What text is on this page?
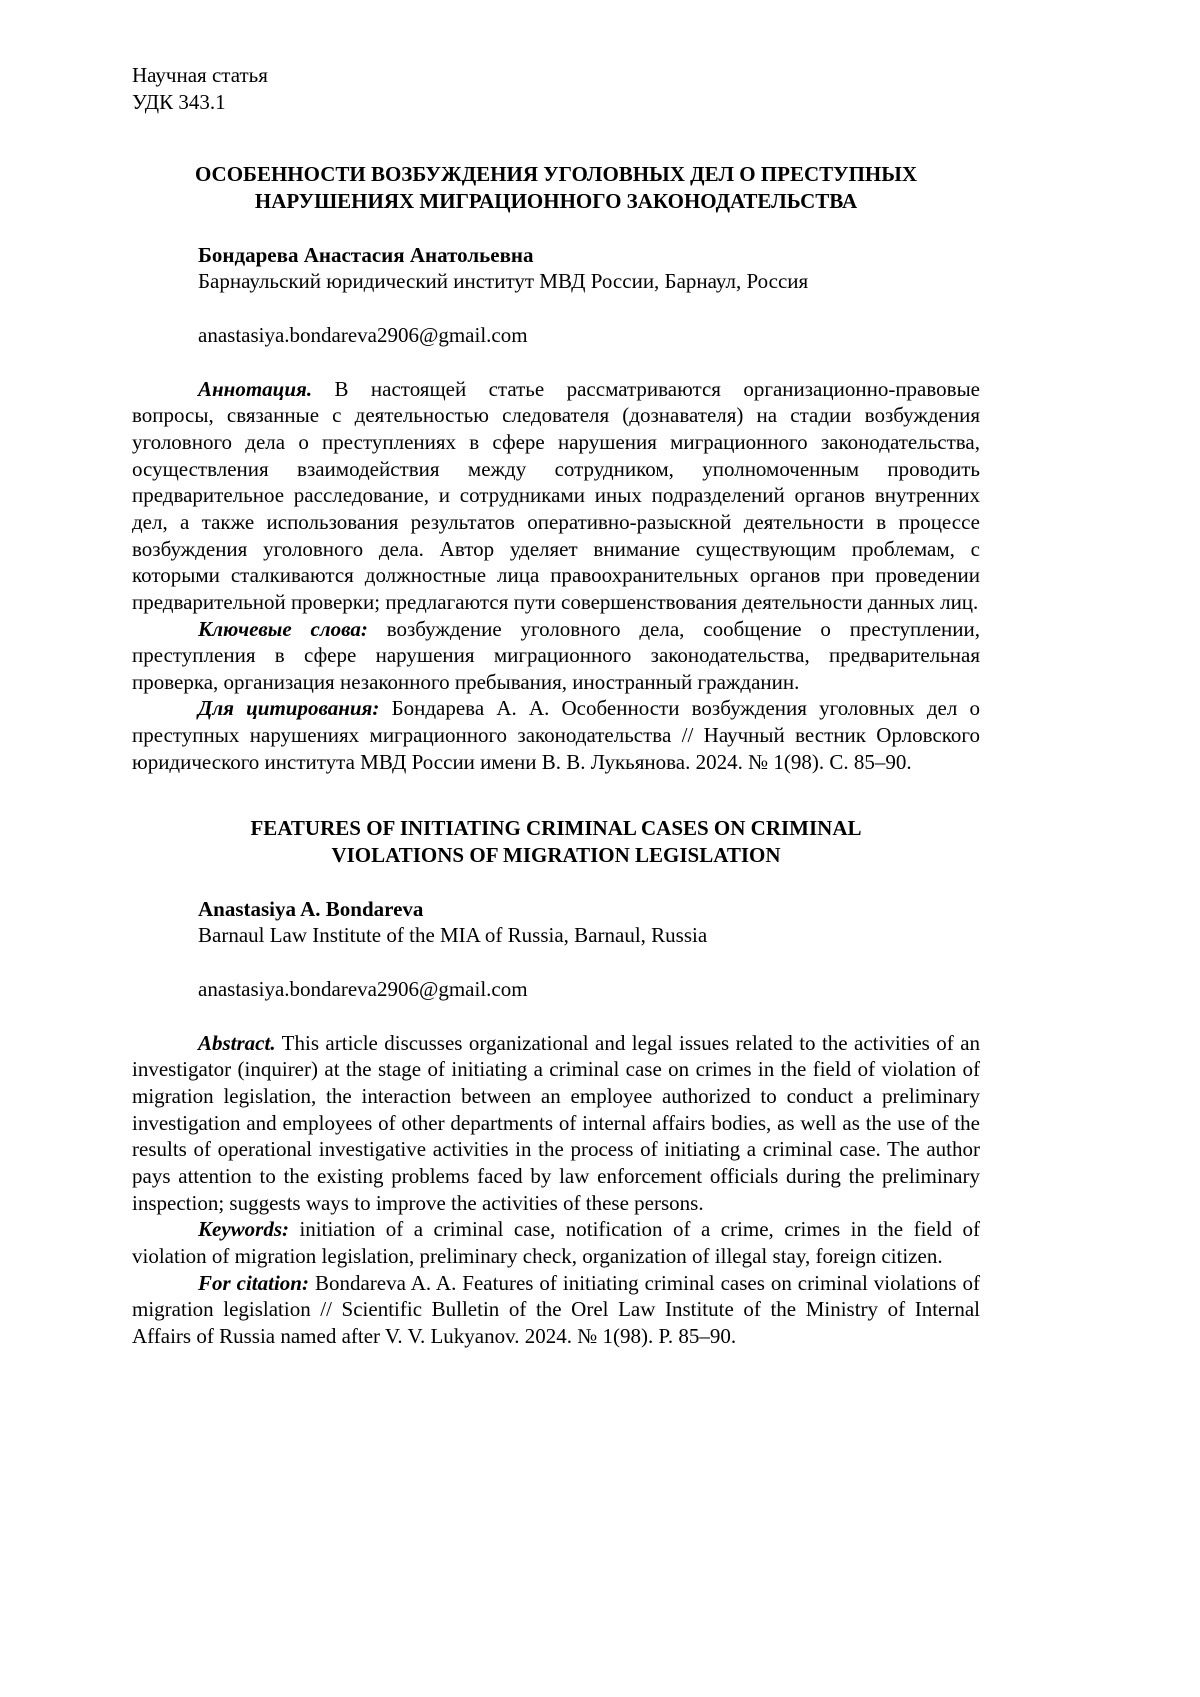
Научная статья
УДК 343.1
ОСОБЕННОСТИ ВОЗБУЖДЕНИЯ УГОЛОВНЫХ ДЕЛ О ПРЕСТУПНЫХ
НАРУШЕНИЯХ МИГРАЦИОННОГО ЗАКОНОДАТЕЛЬСТВА
Бондарева Анастасия Анатольевна
Барнаульский юридический институт МВД России, Барнаул, Россия
anastasiya.bondareva2906@gmail.com

Аннотация. В настоящей статье рассматриваются организационно-правовые вопросы, связанные с деятельностью следователя (дознавателя) на стадии возбуждения уголовного дела о преступлениях в сфере нарушения миграционного законодательства, осуществления взаимодействия между сотрудником, уполномоченным проводить предварительное расследование, и сотрудниками иных подразделений органов внутренних дел, а также использования результатов оперативно-разыскной деятельности в процессе возбуждения уголовного дела. Автор уделяет внимание существующим проблемам, с которыми сталкиваются должностные лица правоохранительных органов при проведении предварительной проверки; предлагаются пути совершенствования деятельности данных лиц.

Ключевые слова: возбуждение уголовного дела, сообщение о преступлении, преступления в сфере нарушения миграционного законодательства, предварительная проверка, организация незаконного пребывания, иностранный гражданин.

Для цитирования: Бондарева А. А. Особенности возбуждения уголовных дел о преступных нарушениях миграционного законодательства // Научный вестник Орловского юридического института МВД России имени В. В. Лукьянова. 2024. № 1(98). С. 85–90.

FEATURES OF INITIATING CRIMINAL CASES ON CRIMINAL
VIOLATIONS OF MIGRATION LEGISLATION
Anastasiya A. Bondareva
Barnaul Law Institute of the MIA of Russia, Barnaul, Russia
anastasiya.bondareva2906@gmail.com

Abstract. This article discusses organizational and legal issues related to the activities of an investigator (inquirer) at the stage of initiating a criminal case on crimes in the field of violation of migration legislation, the interaction between an employee authorized to conduct a preliminary investigation and employees of other departments of internal affairs bodies, as well as the use of the results of operational investigative activities in the process of initiating a criminal case. The author pays attention to the existing problems faced by law enforcement officials during the preliminary inspection; suggests ways to improve the activities of these persons.

Keywords: initiation of a criminal case, notification of a crime, crimes in the field of violation of migration legislation, preliminary check, organization of illegal stay, foreign citizen.

For citation: Bondareva A. A. Features of initiating criminal cases on criminal violations of migration legislation // Scientific Bulletin of the Orel Law Institute of the Ministry of Internal Affairs of Russia named after V. V. Lukyanov. 2024. № 1(98). P. 85–90.
